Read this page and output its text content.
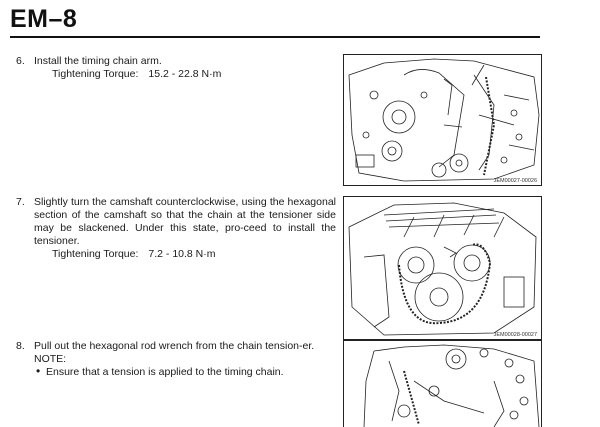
EM–8
6. Install the timing chain arm.
Tightening Torque: 15.2 - 22.8 N·m
JEM00027-00026
7. Slightly turn the camshaft counterclockwise, using the hexagonal section of the camshaft so that the chain at the tensioner side may be slackened. Under this state, pro-ceed to install the tensioner.
Tightening Torque: 7.2 - 10.8 N·m
JEM00028-00027
8. Pull out the hexagonal rod wrench from the chain tension-er.
NOTE:
• Ensure that a tension is applied to the timing chain.
